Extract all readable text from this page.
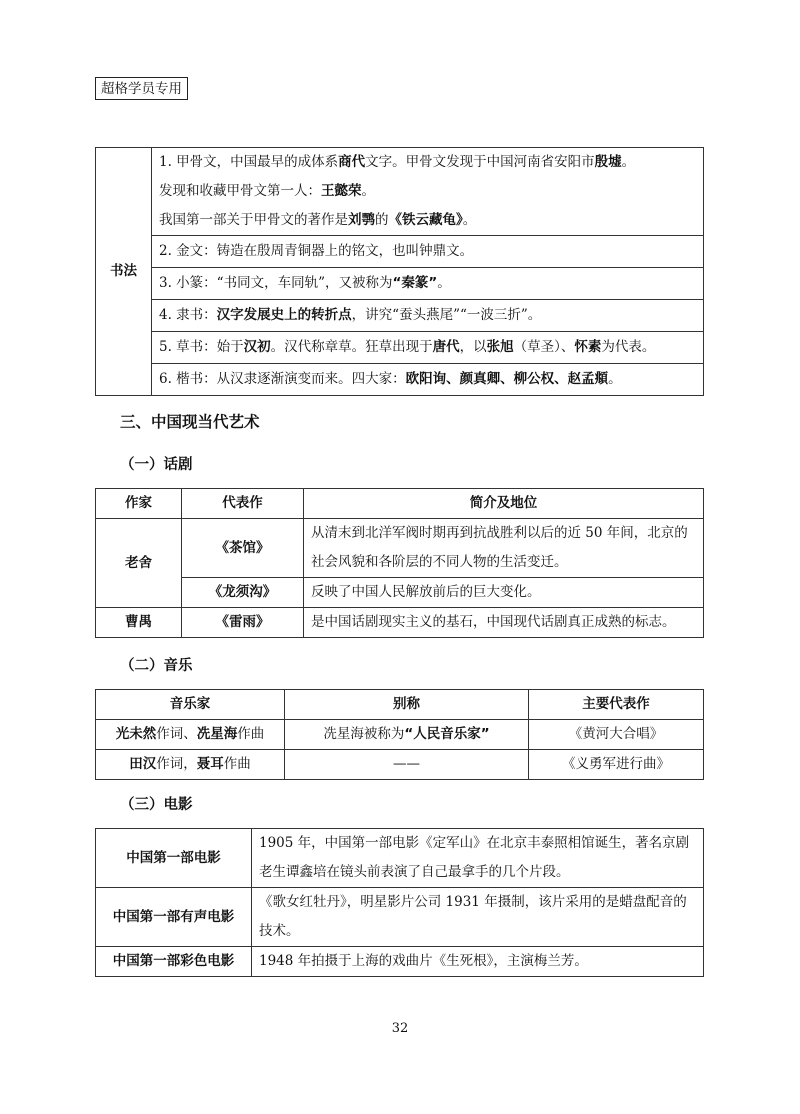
超格学员专用
书法	
1. 甲骨文，中国最早的成体系商代文字。甲骨文发现于中国河南省安阳市殷墟。
发现和收藏甲骨文第一人：王懿荣。
我国第一部关于甲骨文的著作是刘鹗的《铁云藏龟》。

2. 金文：铸造在殷周青铜器上的铭文，也叫钟鼎文。

3. 小篆：“书同文，车同轨”，又被称为“秦篆”。

4. 隶书：汉字发展史上的转折点，讲究“蚕头燕尾”“一波三折”。

5. 草书：始于汉初。汉代称章草。狂草出现于唐代，以张旭（草圣）、怀素为代表。

6. 楷书：从汉隶逐渐演变而来。四大家：欧阳询、颜真卿、柳公权、赵孟頫。
三、中国现当代艺术
（一）话剧
作家	代表作	简介及地位
老舍	《茶馆》	从清末到北洋军阀时期再到抗战胜利以后的近 50 年间，北京的社会风貌和各阶层的不同人物的生活变迁。
	《龙须沟》	反映了中国人民解放前后的巨大变化。
曹禺	《雷雨》	是中国话剧现实主义的基石，中国现代话剧真正成熟的标志。
（二）音乐
音乐家	别称	主要代表作
光未然作词、冼星海作曲	冼星海被称为“人民音乐家”	《黄河大合唱》
田汉作词，聂耳作曲	——	《义勇军进行曲》
（三）电影
中国第一部电影	1905 年，中国第一部电影《定军山》在北京丰泰照相馆诞生，著名京剧老生谭鑫培在镜头前表演了自己最拿手的几个片段。
中国第一部有声电影	《歌女红牡丹》，明星影片公司 1931 年摄制，该片采用的是蜡盘配音的技术。
中国第一部彩色电影	1948 年拍摄于上海的戏曲片《生死根》，主演梅兰芳。
32
